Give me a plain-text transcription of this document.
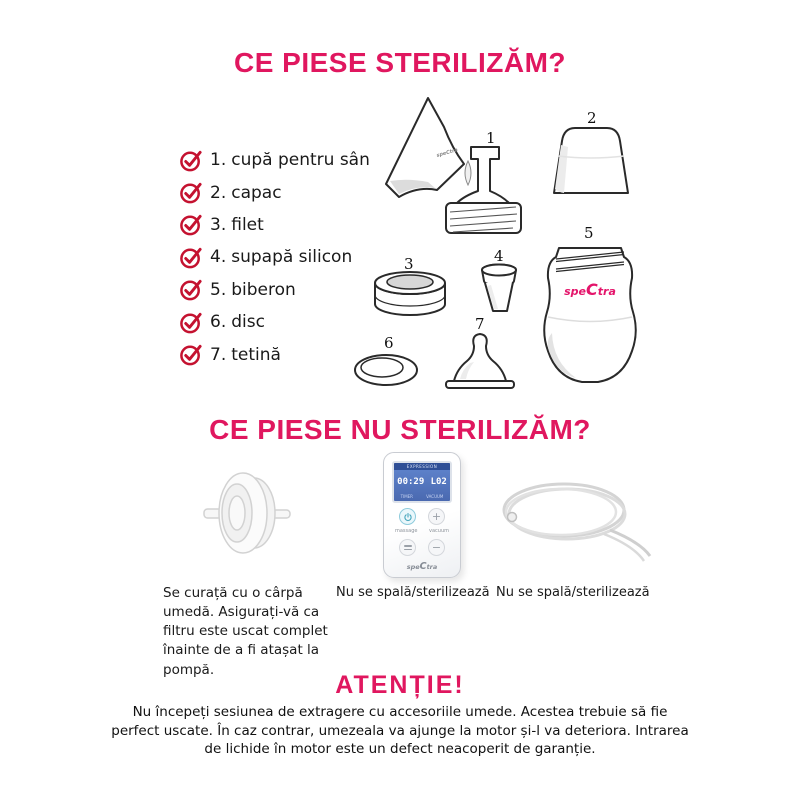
CE PIESE STERILIZĂM?
1. cupă pentru sân
2. capac
3. filet
4. supapă silicon
5. biberon
6. disc
7. tetină
speCtra
1
2
3	4
speCtra
5
6
7
CE PIESE NU STERILIZĂM?
EXPRESSION
00:29 L02
TIMER	VACUUM
+
massage vacuum
−
speCtra
Se curață cu o cârpă umedă. Asigurați-vă ca filtru este uscat complet înainte de a fi atașat la pompă.
Nu se spală/sterilizează Nu se spală/sterilizează
ATENȚIE!
Nu începeți sesiunea de extragere cu accesoriile umede. Acestea trebuie să fie perfect uscate. În caz contrar, umezeala va ajunge la motor și-l va deteriora. Intrarea de lichide în motor este un defect neacoperit de garanție.
